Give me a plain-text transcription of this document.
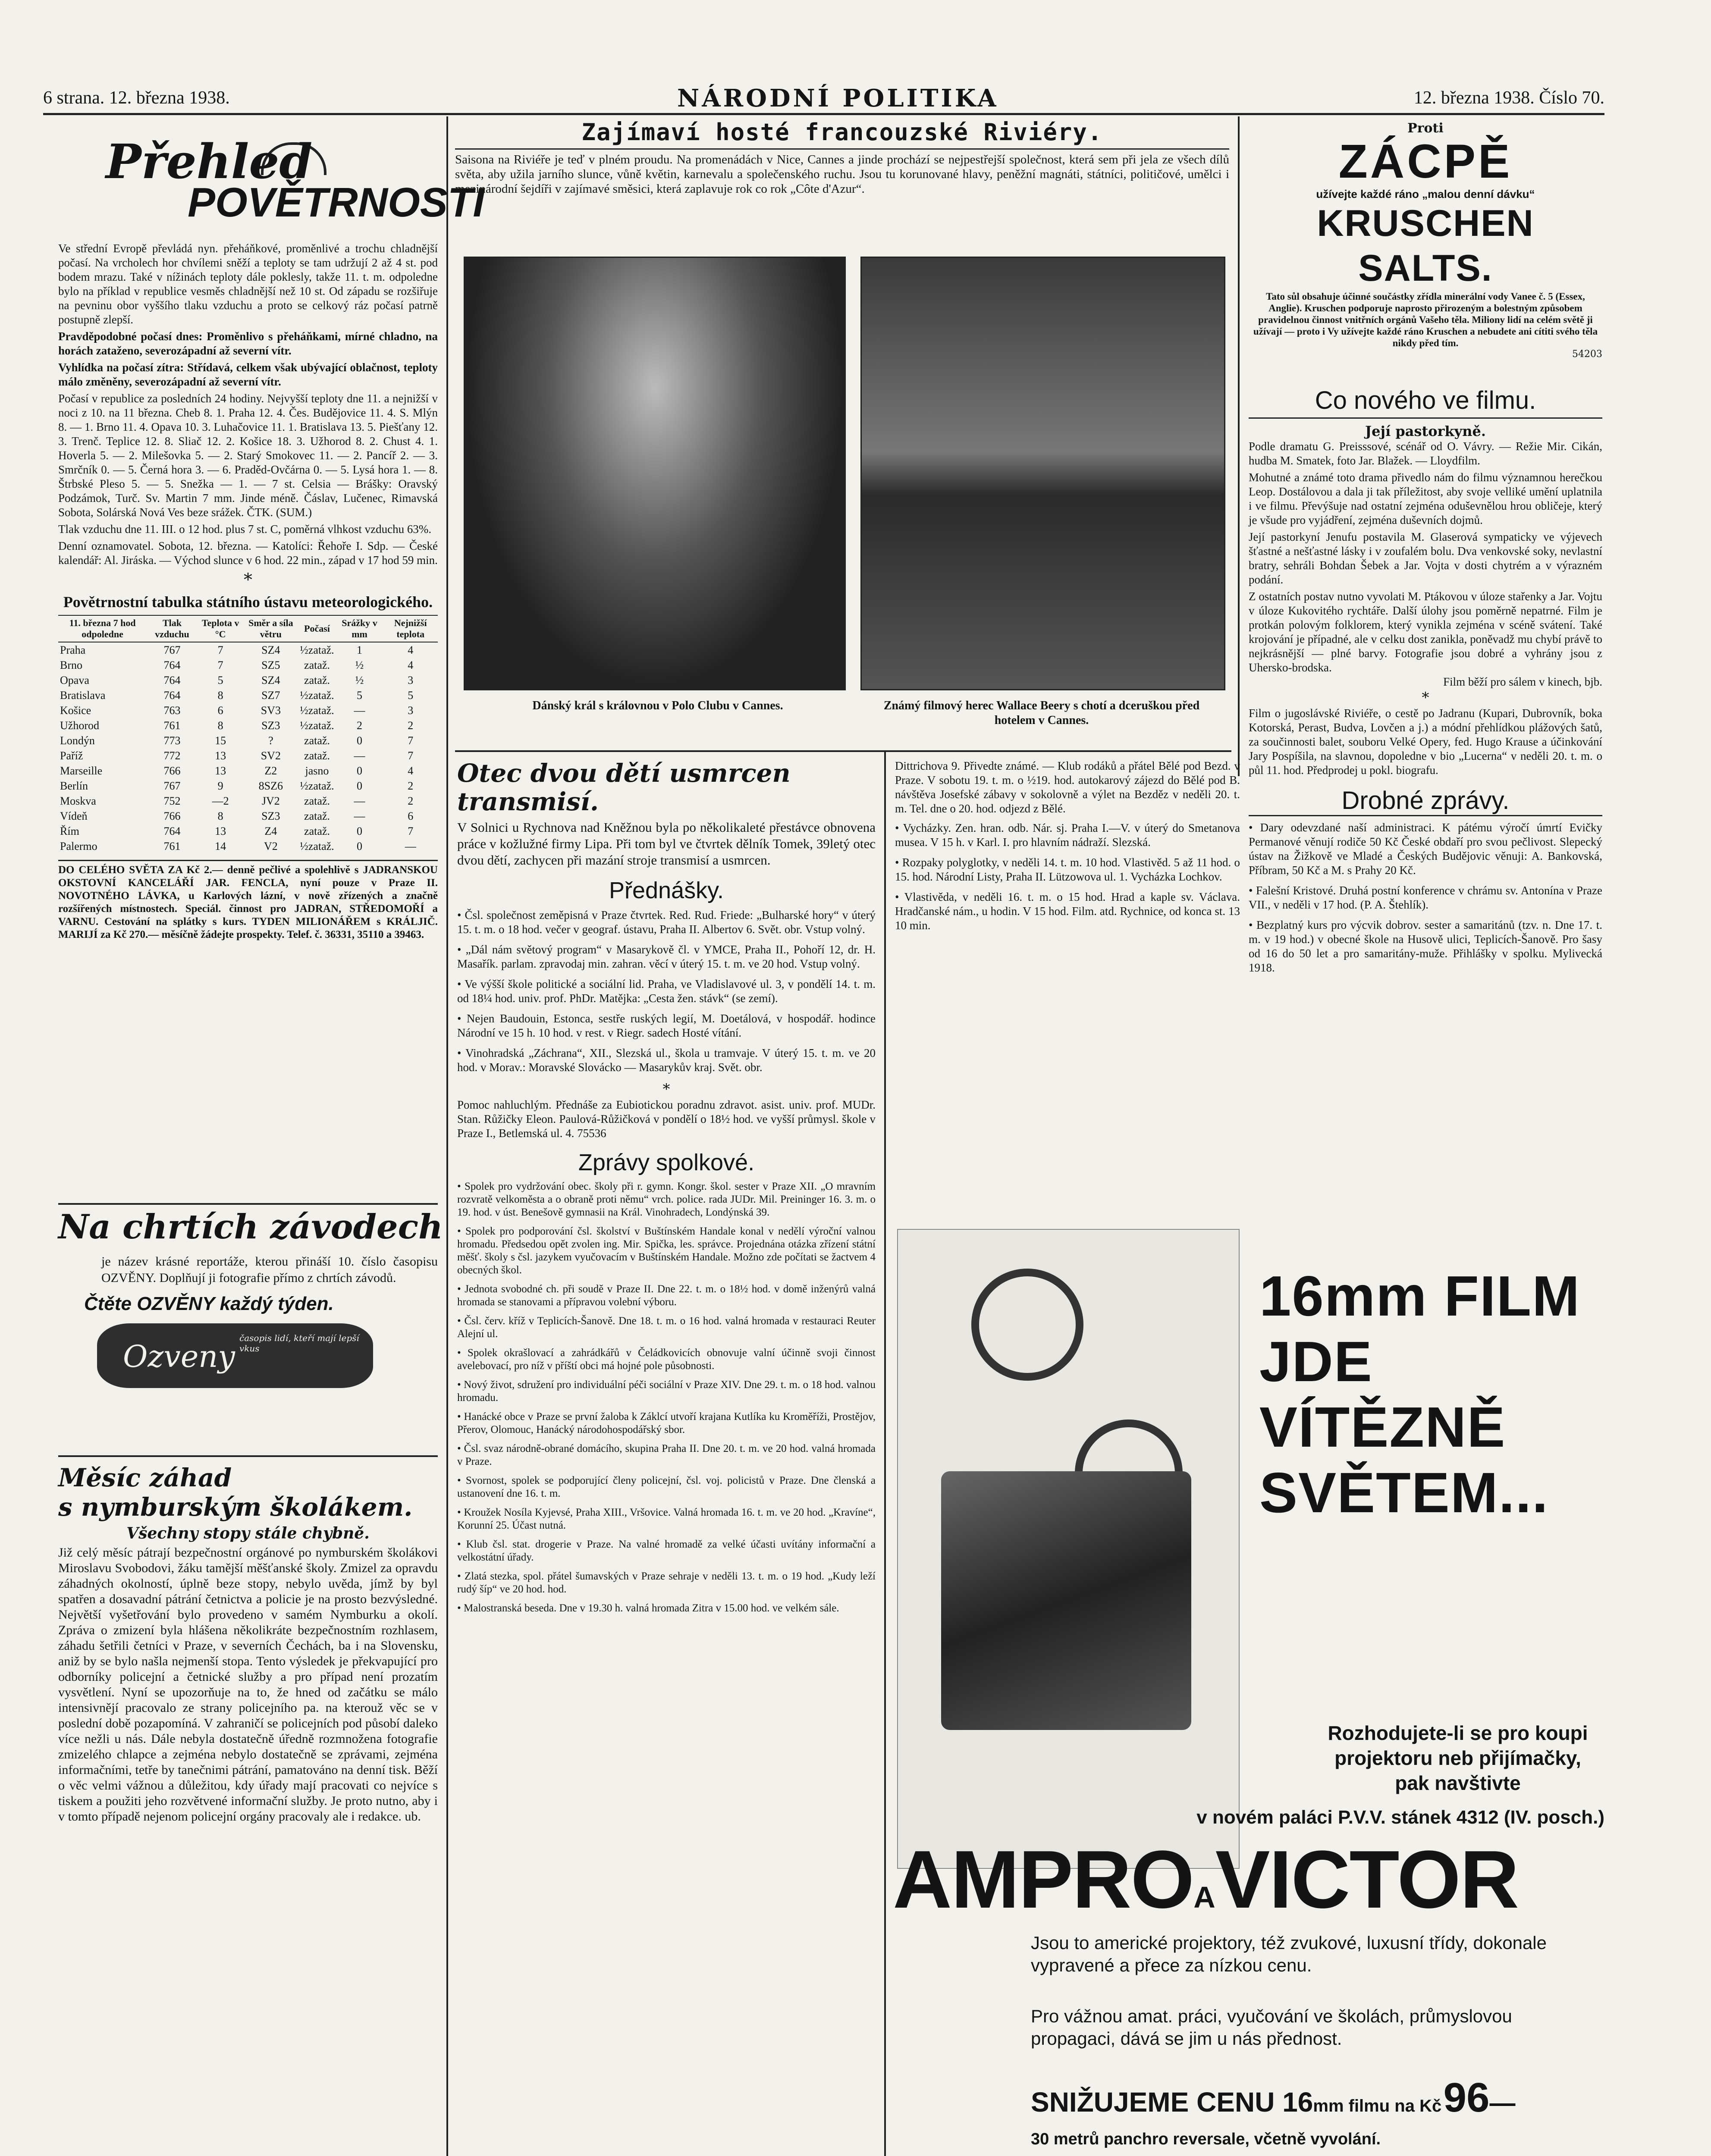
6 strana. 12. března 1938.	NÁRODNÍ POLITIKA	12. března 1938. Číslo 70.
Přehled
POVĚTRNOSTI
Ve střední Evropě převládá nyn. přeháňkové, proměnlivé a trochu chladnější počasí. Na vrcholech hor chvílemi sněží a teploty se tam udržují 2 až 4 st. pod bodem mrazu. Také v nížinách teploty dále poklesly, takže 11. t. m. odpoledne bylo na příklad v republice vesměs chladnější než 10 st. Od západu se rozšiřuje na pevninu obor vyššího tlaku vzduchu a proto se celkový ráz počasí patrně postupně zlepší.
Pravděpodobné počasí dnes: Proměnlivo s přeháňkami, mírné chladno, na horách zataženo, severozápadní až severní vítr.
Vyhlídka na počasí zítra: Střídavá, celkem však ubývající oblačnost, teploty málo změněny, severozápadní až severní vítr.
Počasí v republice za posledních 24 hodiny. Nejvyšší teploty dne 11. a nejnižší v noci z 10. na 11 března. Cheb 8. 1. Praha 12. 4. Čes. Budějovice 11. 4. S. Mlýn 8. — 1. Brno 11. 4. Opava 10. 3. Luhačovice 11. 1. Bratislava 13. 5. Piešťany 12. 3. Trenč. Teplice 12. 8. Sliač 12. 2. Košice 18. 3. Užhorod 8. 2. Chust 4. 1. Hoverla 5. — 2. Milešovka 5. — 2. Starý Smokovec 11. — 2. Pancíř 2. — 3. Smrčník 0. — 5. Černá hora 3. — 6. Praděd-Ovčárna 0. — 5. Lysá hora 1. — 8. Štrbské Pleso 5. — 5. Snežka — 1. — 7 st. Celsia — Brášky: Oravský Podzámok, Turč. Sv. Martin 7 mm. Jinde méně. Čáslav, Lučenec, Rimavská Sobota, Solárská Nová Ves beze srážek. ČTK. (SUM.)
Tlak vzduchu dne 11. III. o 12 hod. plus 7 st. C, poměrná vlhkost vzduchu 63%.
Denní oznamovatel. Sobota, 12. března. — Katolíci: Řehoře I. Sdp. — České kalendář: Al. Jiráska. — Východ slunce v 6 hod. 22 min., západ v 17 hod 59 min.
*
Povětrnostní tabulka státního ústavu meteorologického.
11. března 7 hod odpoledne	Tlak vzduchu	Teplota v °C	Směr a síla větru	Počasí	Srážky v mm	Nejnižší teplota
Praha	767	7	SZ4	½zataž.	1	4
Brno	764	7	SZ5	zataž.	½	4
Opava	764	5	SZ4	zataž.	½	3
Bratislava	764	8	SZ7	½zataž.	5	5
Košice	763	6	SV3	½zataž.	—	3
Užhorod	761	8	SZ3	½zataž.	2	2
Londýn	773	15	?	zataž.	0	7
Paříž	772	13	SV2	zataž.	—	7
Marseille	766	13	Z2	jasno	0	4
Berlín	767	9	8SZ6	½zataž.	0	2
Moskva	752	—2	JV2	zataž.	—	2
Vídeň	766	8	SZ3	zataž.	—	6
Řím	764	13	Z4	zataž.	0	7
Palermo	761	14	V2	½zataž.	0	—
DO CELÉHO SVĚTA ZA Kč 2.— denně pečlivé a spolehlivě s JADRANSKOU OKSTOVNÍ KANCELÁŘÍ JAR. FENCLA, nyní pouze v Praze II. NOVOTNÉHO LÁVKA, u Karlových lázní, v nově zřízených a značně rozšířených místnostech. Speciál. činnost pro JADRAN, STŘEDOMOŘÍ a VARNU. Cestování na splátky s kurs. TYDEN MILIONÁŘEM s KRÁLJIČ. MARIJÍ za Kč 270.— měsíčně žádejte prospekty. Telef. č. 36331, 35110 a 39463.
Na chrtích závodech
je název krásné reportáže, kterou přináší 10. číslo časopisu OZVĚNY. Doplňují ji fotografie přímo z chrtích závodů.
Čtěte OZVĚNY každý týden.
Ozveny
časopis lidí, kteří mají lepší vkus
Měsíc záhad
s nymburským školákem.
Všechny stopy stále chybně.
Již celý měsíc pátrají bezpečnostní orgánové po nymburském školákovi Miroslavu Svobodovi, žáku tamější měšťanské školy. Zmizel za opravdu záhadných okolností, úplně beze stopy, nebylo uvěda, jímž by byl spatřen a dosavadní pátrání četnictva a policie je na prosto bezvýsledné. Největší vyšetřování bylo provedeno v samém Nymburku a okolí. Zpráva o zmizení byla hlášena několikráte bezpečnostním rozhlasem, záhadu šetřili četníci v Praze, v severních Čechách, ba i na Slovensku, aniž by se bylo našla nejmenší stopa. Tento výsledek je překvapující pro odborníky policejní a četnické služby a pro případ není prozatím vysvětlení. Nyní se upozorňuje na to, že hned od začátku se málo intensivnějí pracovalo ze strany policejního pa. na kterouž věc se v poslední době pozapomíná. V zahraničí se policejních pod působí daleko více nežli u nás. Dále nebyla dostatečně úředně rozmnožena fotografie zmizelého chlapce a zejména nebylo dostatečně se zprávami, zejména informačními, tetře by tanečnimi pátrání, pamatováno na denní tisk. Běží o věc velmi vážnou a důležitou, kdy úřady mají pracovati co nejvíce s tiskem a použiti jeho rozvětvené informační služby. Je proto nutno, aby i v tomto případě nejenom policejní orgány pracovaly ale i redakce. ub.
Zajímaví hosté francouzské Riviéry.
Saisona na Riviéře je teď v plném proudu. Na promenádách v Nice, Cannes a jinde prochází se nejpestřejší společnost, která sem při jela ze všech dílů světa, aby užila jarního slunce, vůně květin, karnevalu a společenského ruchu. Jsou tu korunované hlavy, peněžní magnáti, státníci, političové, umělci i mezinárodní šejdíři v zajímavé směsici, která zaplavuje rok co rok „Côte d'Azur“.
Dánský král s královnou v Polo Clubu v Cannes.	Známý filmový herec Wallace Beery s chotí a dceruškou před hotelem v Cannes.
Otec dvou dětí usmrcen transmisí.
V Solnici u Rychnova nad Kněžnou byla po několikaleté přestávce obnovena práce v kožlužné firmy Lipa. Při tom byl ve čtvrtek dělník Tomek, 39letý otec dvou dětí, zachycen při mazání stroje transmisí a usmrcen.
Přednášky.
• Čsl. společnost zeměpisná v Praze čtvrtek. Red. Rud. Friede: „Bulharské hory“ v úterý 15. t. m. o 18 hod. večer v geograf. ústavu, Praha II. Albertov 6. Svět. obr. Vstup volný.
• „Dál nám světový program“ v Masarykově čl. v YMCE, Praha II., Pohoří 12, dr. H. Masařík. parlam. zpravodaj min. zahran. věcí v úterý 15. t. m. ve 20 hod. Vstup volný.
• Ve výšší škole politické a sociální lid. Praha, ve Vladislavové ul. 3, v pondělí 14. t. m. od 18¼ hod. univ. prof. PhDr. Matějka: „Cesta žen. stávk“ (se zemí).
• Nejen Baudouin, Estonca, sestře ruských legií, M. Doetálová, v hospodář. hodince Národní ve 15 h. 10 hod. v rest. v Riegr. sadech Hosté vítání.
• Vinohradská „Záchrana“, XII., Slezská ul., škola u tramvaje. V úterý 15. t. m. ve 20 hod. v Morav.: Moravské Slovácko — Masarykův kraj. Svět. obr.
*
Pomoc nahluchlým. Přednáše za Eubiotickou poradnu zdravot. asist. univ. prof. MUDr. Stan. Růžičky Eleon. Paulová-Růžičková v pondělí o 18½ hod. ve vyšší průmysl. škole v Praze I., Betlemská ul. 4. 75536
Zprávy spolkové.
• Spolek pro vydržování obec. školy při r. gymn. Kongr. škol. sester v Praze XII. „O mravním rozvratě velkoměsta a o obraně proti němu“ vrch. police. rada JUDr. Mil. Preininger 16. 3. m. o 19. hod. v úst. Benešově gymnasii na Král. Vinohradech, Londýnská 39.
• Spolek pro podporování čsl. školství v Buštínském Handale konal v nedělí výroční valnou hromadu. Předsedou opět zvolen ing. Mir. Spička, les. správce. Projednána otázka zřízení státní měšť. školy s čsl. jazykem vyučovacím v Buštínském Handale. Možno zde počítati se žactvem 4 obecných škol.
• Jednota svobodné ch. při soudě v Praze II. Dne 22. t. m. o 18½ hod. v domě inženýrů valná hromada se stanovami a přípravou volební výboru.
• Čsl. červ. kříž v Teplicích-Šanově. Dne 18. t. m. o 16 hod. valná hromada v restauraci Reuter Alejní ul.
• Spolek okrašlovací a zahrádkářů v Čeládkovicích obnovuje valní účinně svoji činnost avelebovací, pro níž v příští obci má hojné pole působnosti.
• Nový život, sdružení pro individuální péči sociální v Praze XIV. Dne 29. t. m. o 18 hod. valnou hromadu.
• Hanácké obce v Praze se první žaloba k Záklcí utvoří krajana Kutlíka ku Kroměříži, Prostějov, Přerov, Olomouc, Hanácký národohospodářský sbor.
• Čsl. svaz národně-obrané domácího, skupina Praha II. Dne 20. t. m. ve 20 hod. valná hromada v Praze.
• Svornost, spolek se podporující členy policejní, čsl. voj. policistů v Praze. Dne členská a ustanovení dne 16. t. m.
• Kroužek Nosíla Kyjevsé, Praha XIII., Vršovice. Valná hromada 16. t. m. ve 20 hod. „Kravíne“, Korunní 25. Účast nutná.
• Klub čsl. stat. drogerie v Praze. Na valné hromadě za velké účasti uvítány informační a velkostátní úřady.
• Zlatá stezka, spol. přátel šumavských v Praze sehraje v neděli 13. t. m. o 19 hod. „Kudy leží rudý šíp“ ve 20 hod. hod.
• Malostranská beseda. Dne v 19.30 h. valná hromada Zitra v 15.00 hod. ve velkém sále.
Dittrichova 9. Přivedte známé. — Klub rodáků a přátel Bělé pod Bezd. v Praze. V sobotu 19. t. m. o ½19. hod. autokarový zájezd do Bělé pod B. návštěva Josefské zábavy v sokolovně a výlet na Bezděz v neděli 20. t. m. Tel. dne o 20. hod. odjezd z Bělé.
• Vycházky. Zen. hran. odb. Nár. sj. Praha I.—V. v úterý do Smetanova musea. V 15 h. v Karl. I. pro hlavním nádraží. Slezská.
• Rozpaky polyglotky, v neděli 14. t. m. 10 hod. Vlastivěd. 5 až 11 hod. o 15. hod. Národní Listy, Praha II. Lützowova ul. 1. Vycházka Lochkov.
• Vlastivěda, v neděli 16. t. m. o 15 hod. Hrad a kaple sv. Václava. Hradčanské nám., u hodin. V 15 hod. Film. atd. Rychnice, od konca st. 13 10 min.
Proti
ZÁCPĚ
užívejte každé ráno „malou denní dávku“
KRUSCHEN SALTS.
Tato sůl obsahuje účinné součástky zřídla minerální vody Vanee č. 5 (Essex, Anglie). Kruschen podporuje naprosto přirozeným a bolestným způsobem pravidelnou činnost vnitřních orgánů Vašeho těla. Miliony lidí na celém světě ji užívají — proto i Vy užívejte každé ráno Kruschen a nebudete ani cítiti svého těla nikdy před tím.
54203
Co nového ve filmu.
Její pastorkyně.
Podle dramatu G. Preisssové, scénář od O. Vávry. — Režie Mir. Cikán, hudba M. Smatek, foto Jar. Blažek. — Lloydfilm.
Mohutné a známé toto drama přivedlo nám do filmu významnou herečkou Leop. Dostálovou a dala ji tak příležitost, aby svoje velliké umění uplatnila i ve filmu. Převýšuje nad ostatní zejména oduševnělou hrou obličeje, který je všude pro vyjádření, zejména duševních dojmů.
Její pastorkyní Jenufu postavila M. Glaserová sympaticky ve výjevech šťastné a nešťastné lásky i v zoufalém bolu. Dva venkovské soky, nevlastní bratry, sehráli Bohdan Šebek a Jar. Vojta v dosti chytrém a v výrazném podání.
Z ostatních postav nutno vyvolati M. Ptákovou v úloze stařenky a Jar. Vojtu v úloze Kukovitého rychtáře. Další úlohy jsou poměrně nepatrné. Film je protkán polovým folklorem, který vynikla zejména v scéně svátení. Také krojování je případné, ale v celku dost zanikla, poněvadž mu chybí právě to nejkrásnější — plné barvy. Fotografie jsou dobré a vyhrány jsou z Uhersko-brodska.
Film běží pro sálem v kinech, bjb.
*
Film o jugoslávské Riviéře, o cestě po Jadranu (Kupari, Dubrovník, boka Kotorská, Perast, Budva, Lovčen a j.) a módní přehlídkou plážových šatů, za součinnosti balet, souboru Velké Opery, fed. Hugo Krause a účinkování Jary Pospíšila, na slavnou, dopoledne v bio „Lucerna“ v neděli 20. t. m. o půl 11. hod. Předprodej u pokl. biografu.
Drobné zprávy.
• Dary odevzdané naší administraci. K pátému výročí úmrtí Evičky Permanové věnují rodiče 50 Kč České obdaří pro svou pečlivost. Slepecký ústav na Žižkově ve Mladé a Českých Budějovic věnuji: A. Bankovská, Příbram, 50 Kč a M. s Prahy 20 Kč.
• Falešní Kristové. Druhá postní konference v chrámu sv. Antonína v Praze VII., v neděli v 17 hod. (P. A. Štehlík).
• Bezplatný kurs pro výcvik dobrov. sester a samaritánů (tzv. n. Dne 17. t. m. v 19 hod.) v obecné škole na Husově ulici, Teplicích-Šanově. Pro šasy od 16 do 50 let a pro samaritány-muže. Přihlášky v spolku. Mylivecká 1918.
16mm FILM JDE VÍTĚZNĚ SVĚTEM...
Rozhodujete-li se pro koupi projektoru neb přijímačky, pak navštivte
v novém paláci P.V.V. stánek 4312 (IV. posch.)
AMPROAVICTOR
Jsou to americké projektory, též zvukové, luxusní třídy, dokonale vypravené a přece za nízkou cenu.
Pro vážnou amat. práci, vyučování ve školách, průmyslovou propagaci, dává se jim u nás přednost.
SNIŽUJEME CENU 16mm filmu na Kč 96—
30 metrů panchro reversale, včetně vyvolání.
